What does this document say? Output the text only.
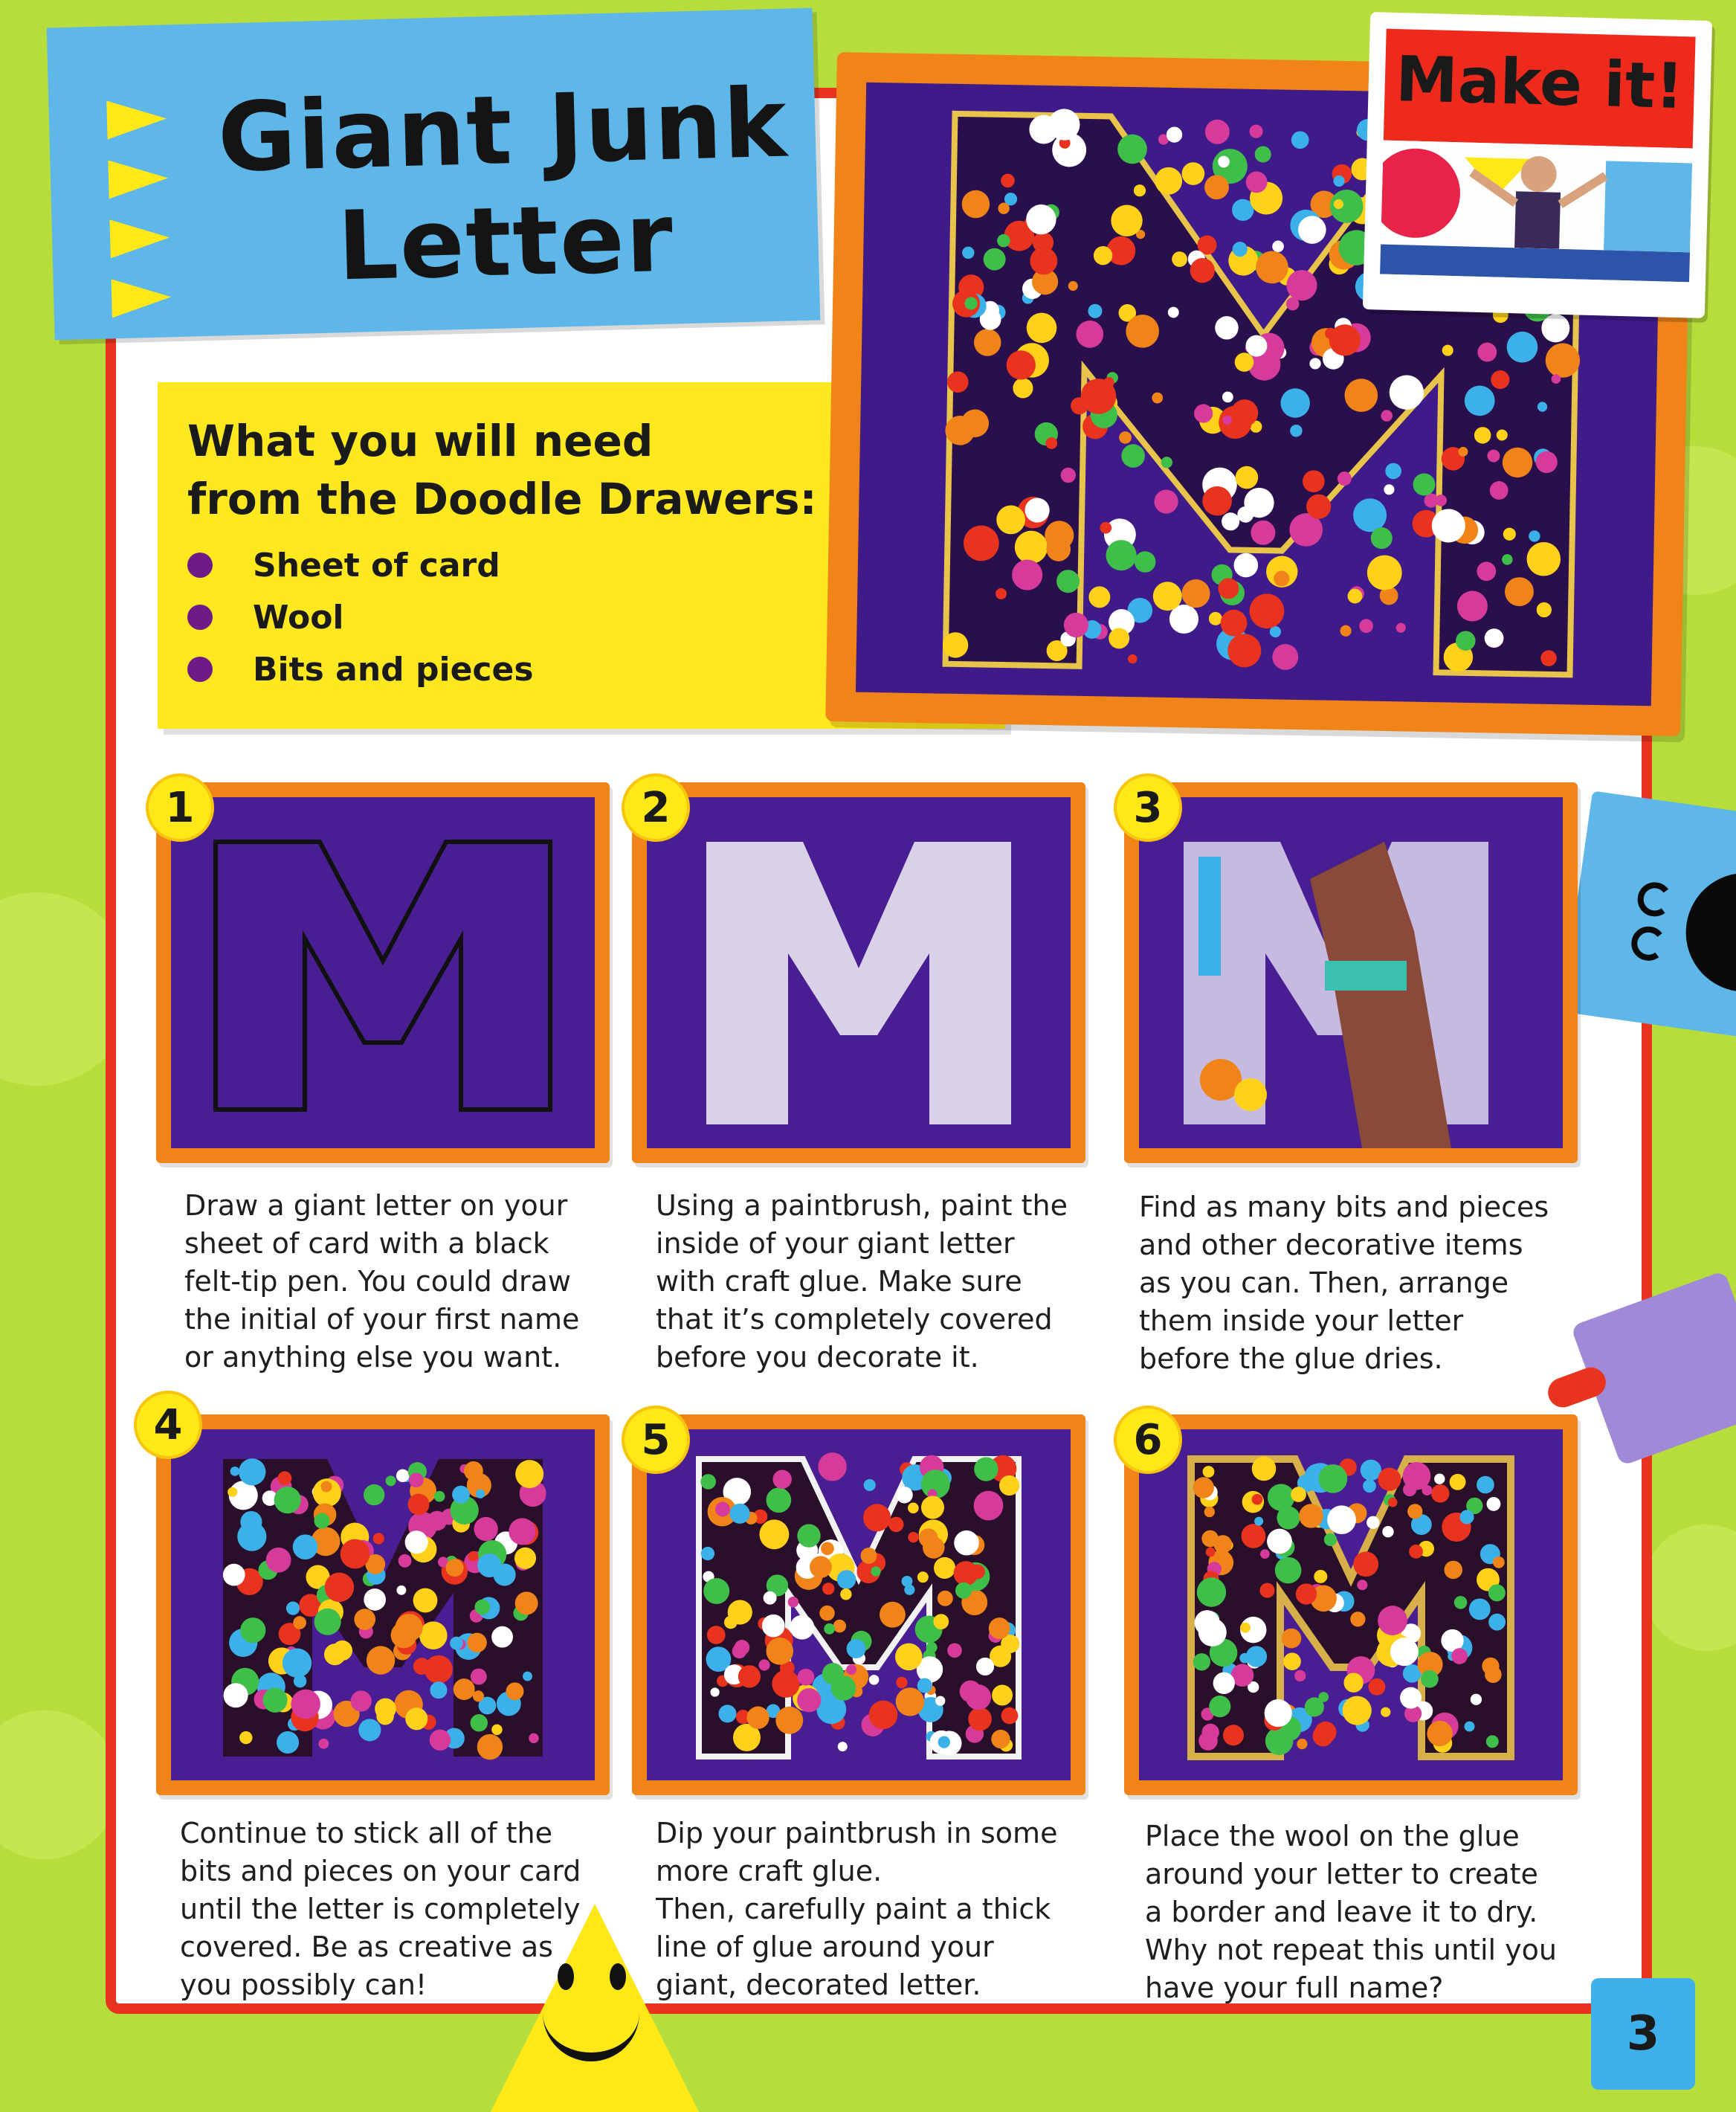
Giant Junk
Letter
What you will need
from the Doodle Drawers:
Sheet of card
Wool
Bits and pieces
Make it!
1	2	3
4	5	6
Draw a giant letter on your
sheet of card with a black
felt-tip pen. You could draw
the initial of your first name
or anything else you want.
Using a paintbrush, paint the
inside of your giant letter
with craft glue. Make sure
that it’s completely covered
before you decorate it.
Find as many bits and pieces
and other decorative items
as you can. Then, arrange
them inside your letter
before the glue dries.
Continue to stick all of the
bits and pieces on your card
until the letter is completely
covered. Be as creative as
you possibly can!
Dip your paintbrush in some
more craft glue.
Then, carefully paint a thick
line of glue around your
giant, decorated letter.
Place the wool on the glue
around your letter to create
a border and leave it to dry.
Why not repeat this until you
have your full name?
3
